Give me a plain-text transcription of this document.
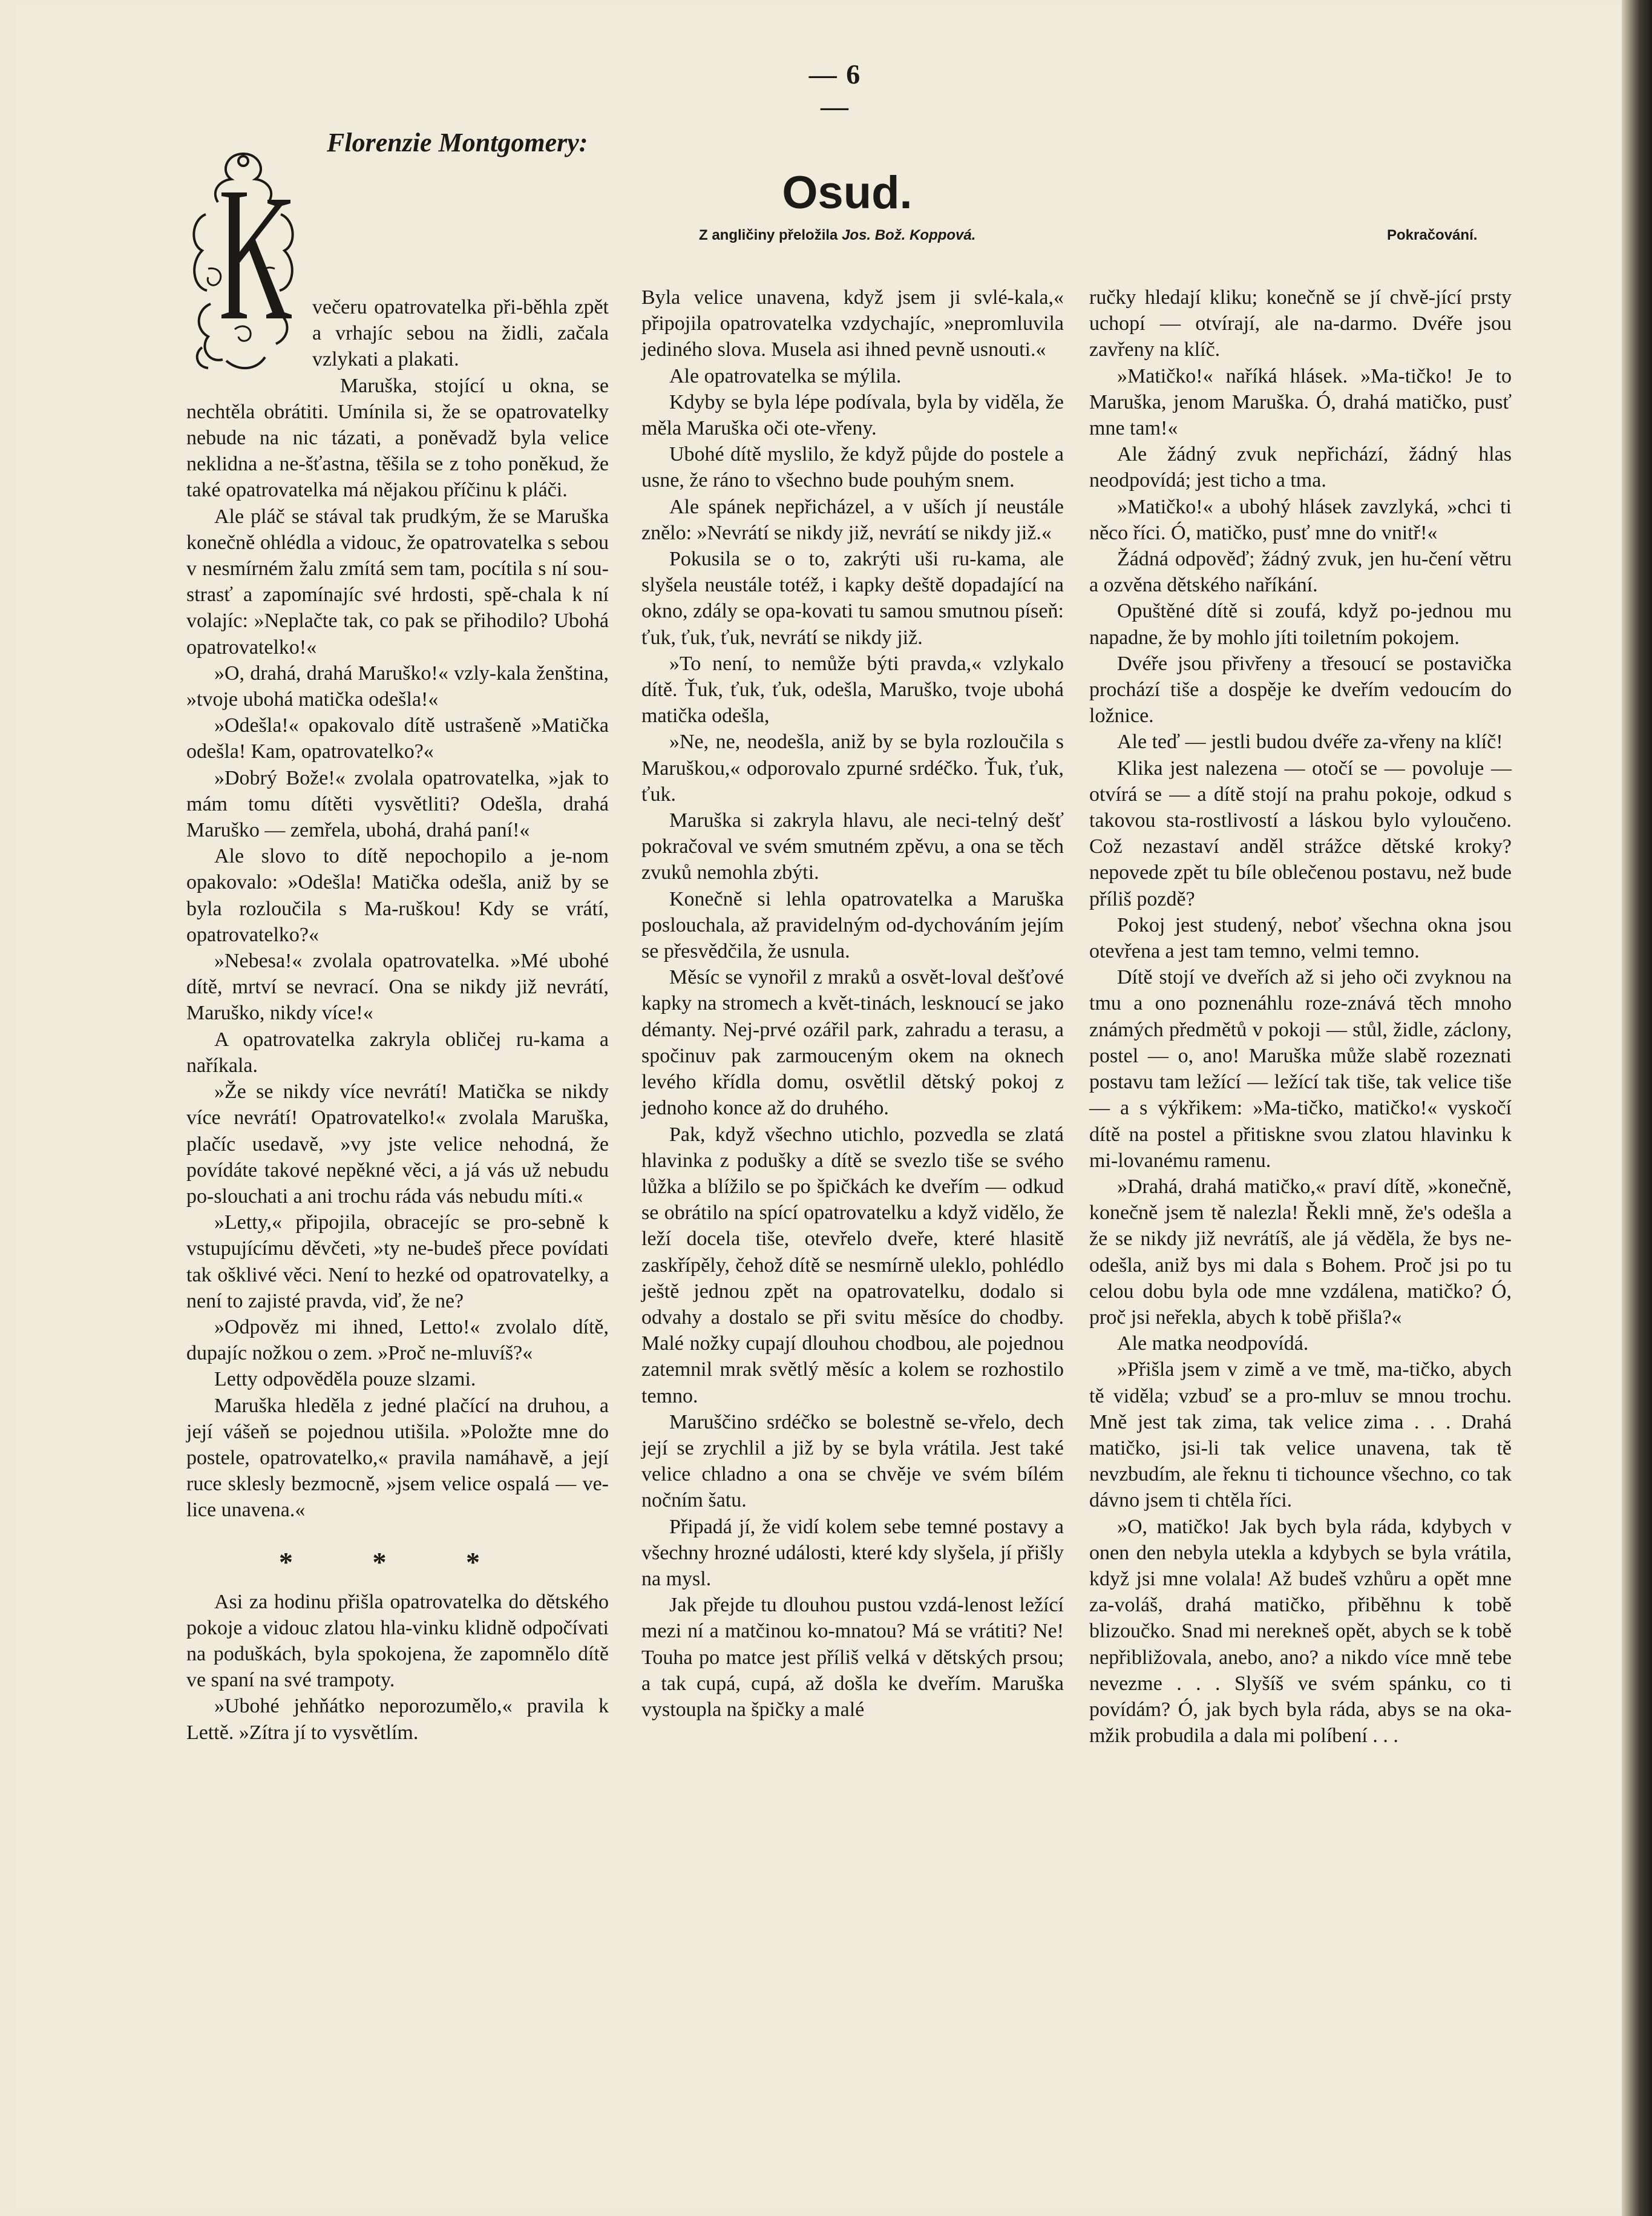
— 6 —
Florenzie Montgomery:
Osud.
Z angličiny přeložila Jos. Bož. Koppová.	Pokračování.

večeru opatrovatelka při-běhla zpět a vrhajíc sebou na židli, začala vzlykati a plakati.

Maruška, stojící u okna, se nechtěla obrátiti. Umínila si, že se opatrovatelky nebude na nic tázati, a poněvadž byla velice neklidna a ne-šťastna, těšila se z toho poněkud, že také opatrovatelka má nějakou příčinu k pláči.

Ale pláč se stával tak prudkým, že se Maruška konečně ohlédla a vidouc, že opatrovatelka s sebou v nesmírném žalu zmítá sem tam, pocítila s ní sou-strasť a zapomínajíc své hrdosti, spě-chala k ní volajíc: »Neplačte tak, co pak se přihodilo? Ubohá opatrovatelko!«

»O, drahá, drahá Maruško!« vzly-kala ženština, »tvoje ubohá matička odešla!«

»Odešla!« opakovalo dítě ustrašeně »Matička odešla! Kam, opatrovatelko?«

»Dobrý Bože!« zvolala opatrovatelka, »jak to mám tomu dítěti vysvětliti? Odešla, drahá Maruško — zemřela, ubohá, drahá paní!«

Ale slovo to dítě nepochopilo a je-nom opakovalo: »Odešla! Matička odešla, aniž by se byla rozloučila s Ma-ruškou! Kdy se vrátí, opatrovatelko?«

»Nebesa!« zvolala opatrovatelka. »Mé ubohé dítě, mrtví se nevrací. Ona se nikdy již nevrátí, Maruško, nikdy více!«

A opatrovatelka zakryla obličej ru-kama a naříkala.

»Že se nikdy více nevrátí! Matička se nikdy více nevrátí! Opatrovatelko!« zvolala Maruška, plačíc usedavě, »vy jste velice nehodná, že povídáte takové nepěkné věci, a já vás už nebudu po-slouchati a ani trochu ráda vás nebudu míti.«

»Letty,« připojila, obracejíc se pro-sebně k vstupujícímu děvčeti, »ty ne-budeš přece povídati tak ošklivé věci. Není to hezké od opatrovatelky, a není to zajisté pravda, viď, že ne?

»Odpověz mi ihned, Letto!« zvolalo dítě, dupajíc nožkou o zem. »Proč ne-mluvíš?«

Letty odpověděla pouze slzami.

Maruška hleděla z jedné plačící na druhou, a její vášeň se pojednou utišila. »Položte mne do postele, opatrovatelko,« pravila namáhavě, a její ruce sklesly bezmocně, »jsem velice ospalá — ve-lice unavena.«

* * *

Asi za hodinu přišla opatrovatelka do dětského pokoje a vidouc zlatou hla-vinku klidně odpočívati na poduškách, byla spokojena, že zapomnělo dítě ve spaní na své trampoty.

»Ubohé jehňátko neporozumělo,« pravila k Lettě. »Zítra jí to vysvětlím.

Byla velice unavena, když jsem ji svlé-kala,« připojila opatrovatelka vzdychajíc, »nepromluvila jediného slova. Musela asi ihned pevně usnouti.«

Ale opatrovatelka se mýlila.

Kdyby se byla lépe podívala, byla by viděla, že měla Maruška oči ote-vřeny.

Ubohé dítě myslilo, že když půjde do postele a usne, že ráno to všechno bude pouhým snem.

Ale spánek nepřicházel, a v uších jí neustále znělo: »Nevrátí se nikdy již, nevrátí se nikdy již.«

Pokusila se o to, zakrýti uši ru-kama, ale slyšela neustále totéž, i kapky deště dopadající na okno, zdály se opa-kovati tu samou smutnou píseň: ťuk, ťuk, ťuk, nevrátí se nikdy již.

»To není, to nemůže býti pravda,« vzlykalo dítě. Ťuk, ťuk, ťuk, odešla, Maruško, tvoje ubohá matička odešla,

»Ne, ne, neodešla, aniž by se byla rozloučila s Maruškou,« odporovalo zpurné srdéčko. Ťuk, ťuk, ťuk.

Maruška si zakryla hlavu, ale neci-telný dešť pokračoval ve svém smutném zpěvu, a ona se těch zvuků nemohla zbýti.

Konečně si lehla opatrovatelka a Maruška poslouchala, až pravidelným od-dychováním jejím se přesvědčila, že usnula.

Měsíc se vynořil z mraků a osvět-loval dešťové kapky na stromech a květ-tinách, lesknoucí se jako démanty. Nej-prvé ozářil park, zahradu a terasu, a spočinuv pak zarmouceným okem na oknech levého křídla domu, osvětlil dětský pokoj z jednoho konce až do druhého.

Pak, když všechno utichlo, pozvedla se zlatá hlavinka z podušky a dítě se svezlo tiše se svého lůžka a blížilo se po špičkách ke dveřím — odkud se obrátilo na spící opatrovatelku a když vidělo, že leží docela tiše, otevřelo dveře, které hlasitě zaskřípěly, čehož dítě se nesmírně uleklo, pohlédlo ještě jednou zpět na opatrovatelku, dodalo si odvahy a dostalo se při svitu měsíce do chodby. Malé nožky cupají dlouhou chodbou, ale pojednou zatemnil mrak světlý měsíc a kolem se rozhostilo temno.

Maruščino srdéčko se bolestně se-vřelo, dech její se zrychlil a již by se byla vrátila. Jest také velice chladno a ona se chvěje ve svém bílém nočním šatu.

Připadá jí, že vidí kolem sebe temné postavy a všechny hrozné události, které kdy slyšela, jí přišly na mysl.

Jak přejde tu dlouhou pustou vzdá-lenost ležící mezi ní a matčinou ko-mnatou? Má se vrátiti? Ne! Touha po matce jest příliš velká v dětských prsou; a tak cupá, cupá, až došla ke dveřím. Maruška vystoupla na špičky a malé

ručky hledají kliku; konečně se jí chvě-jící prsty uchopí — otvírají, ale na-darmo. Dvéře jsou zavřeny na klíč.

»Matičko!« naříká hlásek. »Ma-tičko! Je to Maruška, jenom Maruška. Ó, drahá matičko, pusť mne tam!«

Ale žádný zvuk nepřichází, žádný hlas neodpovídá; jest ticho a tma.

»Matičko!« a ubohý hlásek zavzlyká, »chci ti něco říci. Ó, matičko, pusť mne do vnitř!«

Žádná odpověď; žádný zvuk, jen hu-čení větru a ozvěna dětského naříkání.

Opuštěné dítě si zoufá, když po-jednou mu napadne, že by mohlo jíti toiletním pokojem.

Dvéře jsou přivřeny a třesoucí se postavička prochází tiše a dospěje ke dveřím vedoucím do ložnice.

Ale teď — jestli budou dvéře za-vřeny na klíč!

Klika jest nalezena — otočí se — povoluje — otvírá se — a dítě stojí na prahu pokoje, odkud s takovou sta-rostlivostí a láskou bylo vyloučeno. Což nezastaví anděl strážce dětské kroky? nepovede zpět tu bíle oblečenou postavu, než bude příliš pozdě?

Pokoj jest studený, neboť všechna okna jsou otevřena a jest tam temno, velmi temno.

Dítě stojí ve dveřích až si jeho oči zvyknou na tmu a ono poznenáhlu roze-znává těch mnoho známých předmětů v pokoji — stůl, židle, záclony, postel — o, ano! Maruška může slabě rozeznati postavu tam ležící — ležící tak tiše, tak velice tiše — a s výkřikem: »Ma-tičko, matičko!« vyskočí dítě na postel a přitiskne svou zlatou hlavinku k mi-lovanému ramenu.

»Drahá, drahá matičko,« praví dítě, »konečně, konečně jsem tě nalezla! Řekli mně, že's odešla a že se nikdy již nevrátíš, ale já věděla, že bys ne-odešla, aniž bys mi dala s Bohem. Proč jsi po tu celou dobu byla ode mne vzdálena, matičko? Ó, proč jsi neřekla, abych k tobě přišla?«

Ale matka neodpovídá.

»Přišla jsem v zimě a ve tmě, ma-tičko, abych tě viděla; vzbuď se a pro-mluv se mnou trochu. Mně jest tak zima, tak velice zima . . . Drahá matičko, jsi-li tak velice unavena, tak tě nevzbudím, ale řeknu ti tichounce všechno, co tak dávno jsem ti chtěla říci.

»O, matičko! Jak bych byla ráda, kdybych v onen den nebyla utekla a kdybych se byla vrátila, když jsi mne volala! Až budeš vzhůru a opět mne za-voláš, drahá matičko, přiběhnu k tobě blizoučko. Snad mi nerekneš opět, abych se k tobě nepřibližovala, anebo, ano? a nikdo více mně tebe nevezme . . . Slyšíš ve svém spánku, co ti povídám? Ó, jak bych byla ráda, abys se na oka-mžik probudila a dala mi políbení . . .
